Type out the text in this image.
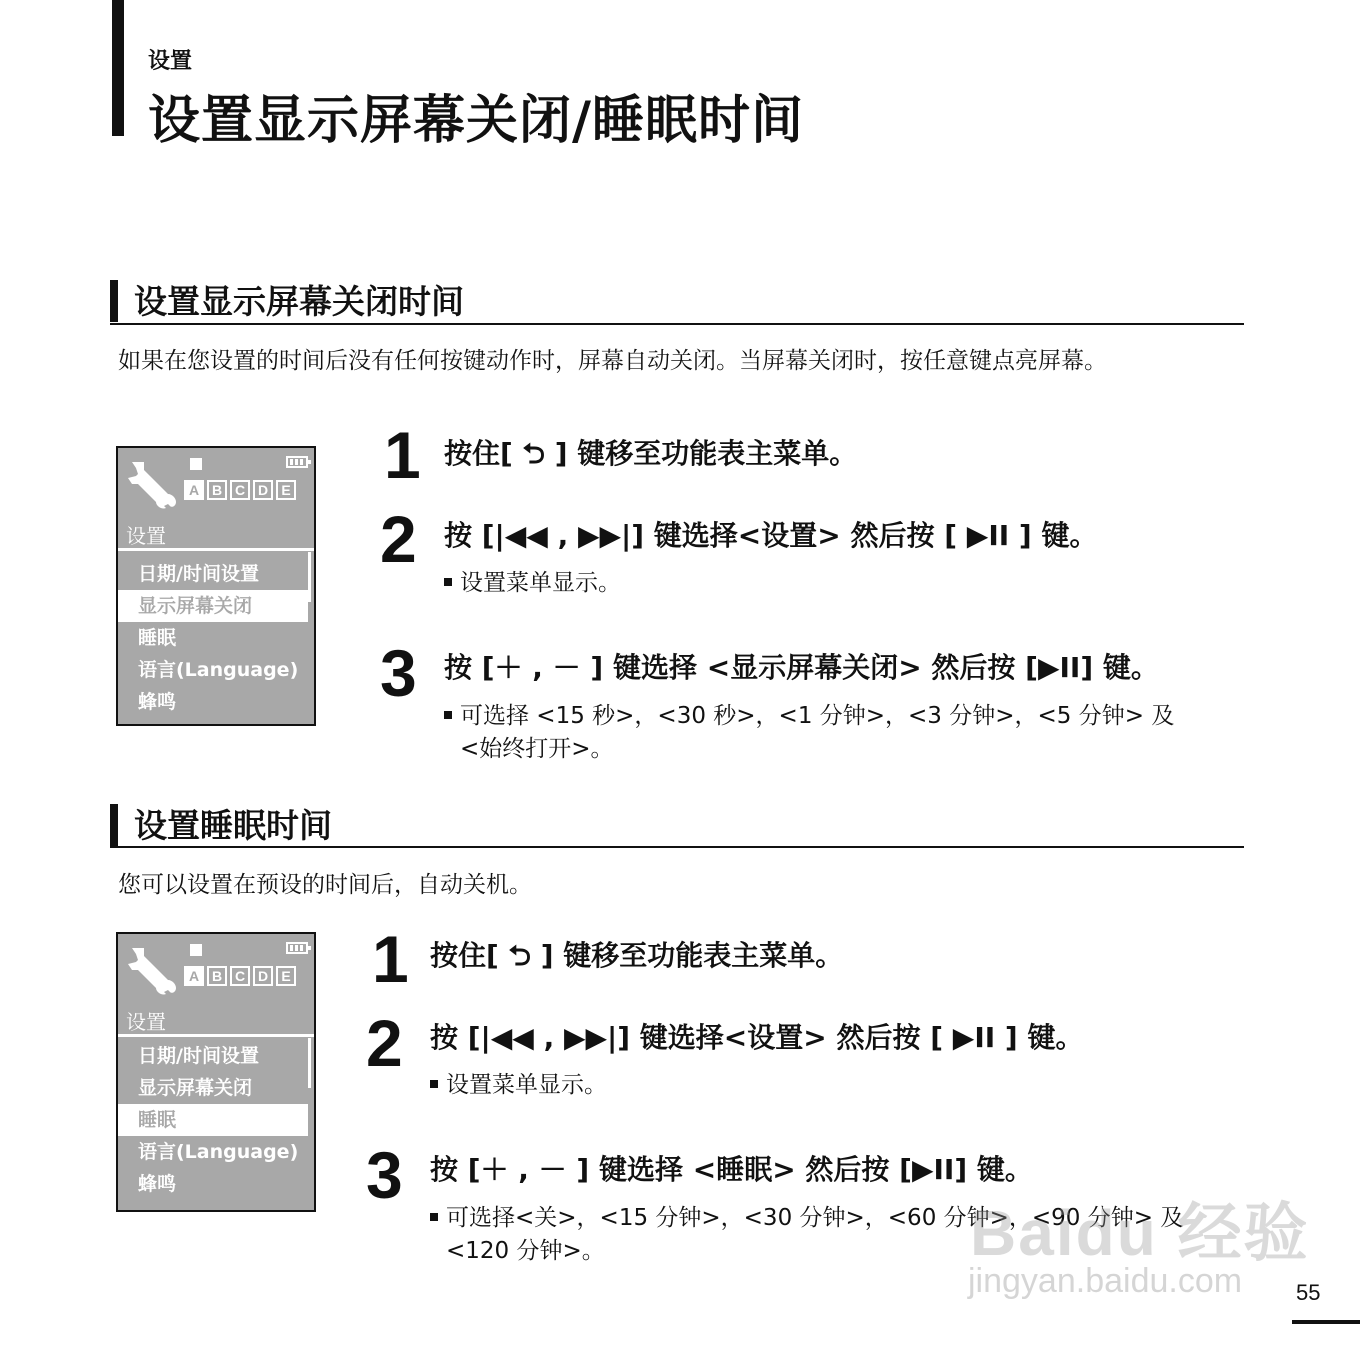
设置
设置显示屏幕关闭/睡眠时间
设置显示屏幕关闭时间
如果在您设置的时间后没有任何按键动作时，屏幕自动关闭。当屏幕关闭时，按任意键点亮屏幕。
A B C D E
设置
日期/时间设置
显示屏幕关闭
睡眠
语言(Language)
蜂鸣
1 按住[ ⮌ ] 键移至功能表主菜单。
2 按 [|◀◀ , ▶▶|] 键选择<设置> 然后按 [ ▶II ] 键。
设置菜单显示。
3 按 [＋ , － ] 键选择 <显示屏幕关闭> 然后按 [▶II] 键。
可选择 <15 秒>，<30 秒>，<1 分钟>，<3 分钟>，<5 分钟> 及
<始终打开>。
设置睡眠时间
您可以设置在预设的时间后，自动关机。
A B C D E
设置
日期/时间设置
显示屏幕关闭
睡眠
语言(Language)
蜂鸣
1 按住[ ⮌ ] 键移至功能表主菜单。
2 按 [|◀◀ , ▶▶|] 键选择<设置> 然后按 [ ▶II ] 键。
设置菜单显示。
3 按 [＋ , － ] 键选择 <睡眠> 然后按 [▶II] 键。
可选择<关>，<15 分钟>，<30 分钟>，<60 分钟>，<90 分钟> 及
<120 分钟>。	Baidu 经验
jingyan.baidu.com 55
